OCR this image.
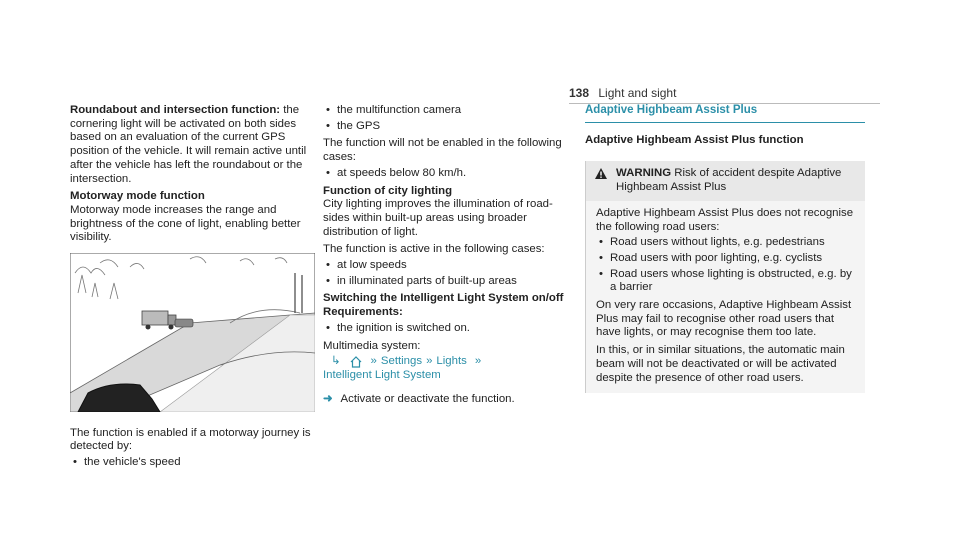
138 Light and sight

Roundabout and intersection function: the cornering light will be activated on both sides based on an evaluation of the current GPS position of the vehicle. It will remain active until after the vehicle has left the roundabout or the intersection.

Motorway mode function

Motorway mode increases the range and brightness of the cone of light, enabling better visibility.

The function is enabled if a motorway journey is detected by:

• the vehicle's speed
• the multifunction camera
• the GPS

The function will not be enabled in the following cases:

• at speeds below 80 km/h.

Function of city lighting

City lighting improves the illumination of road-sides within built-up areas using broader distribution of light.

The function is active in the following cases:

• at low speeds
• in illuminated parts of built-up areas

Switching the Intelligent Light System on/off

Requirements:

• the ignition is switched on.

Multimedia system:

↳	» Settings » Lights »
Intelligent Light System
➜ Activate or deactivate the function.

Adaptive Highbeam Assist Plus

Adaptive Highbeam Assist Plus function

WARNING Risk of accident despite Adaptive Highbeam Assist Plus

Adaptive Highbeam Assist Plus does not recognise the following road users:

• Road users without lights, e.g. pedestrians
• Road users with poor lighting, e.g. cyclists
• Road users whose lighting is obstructed, e.g. by a barrier

On very rare occasions, Adaptive Highbeam Assist Plus may fail to recognise other road users that have lights, or may recognise them too late.

In this, or in similar situations, the automatic main beam will not be deactivated or will be activated despite the presence of other road users.
